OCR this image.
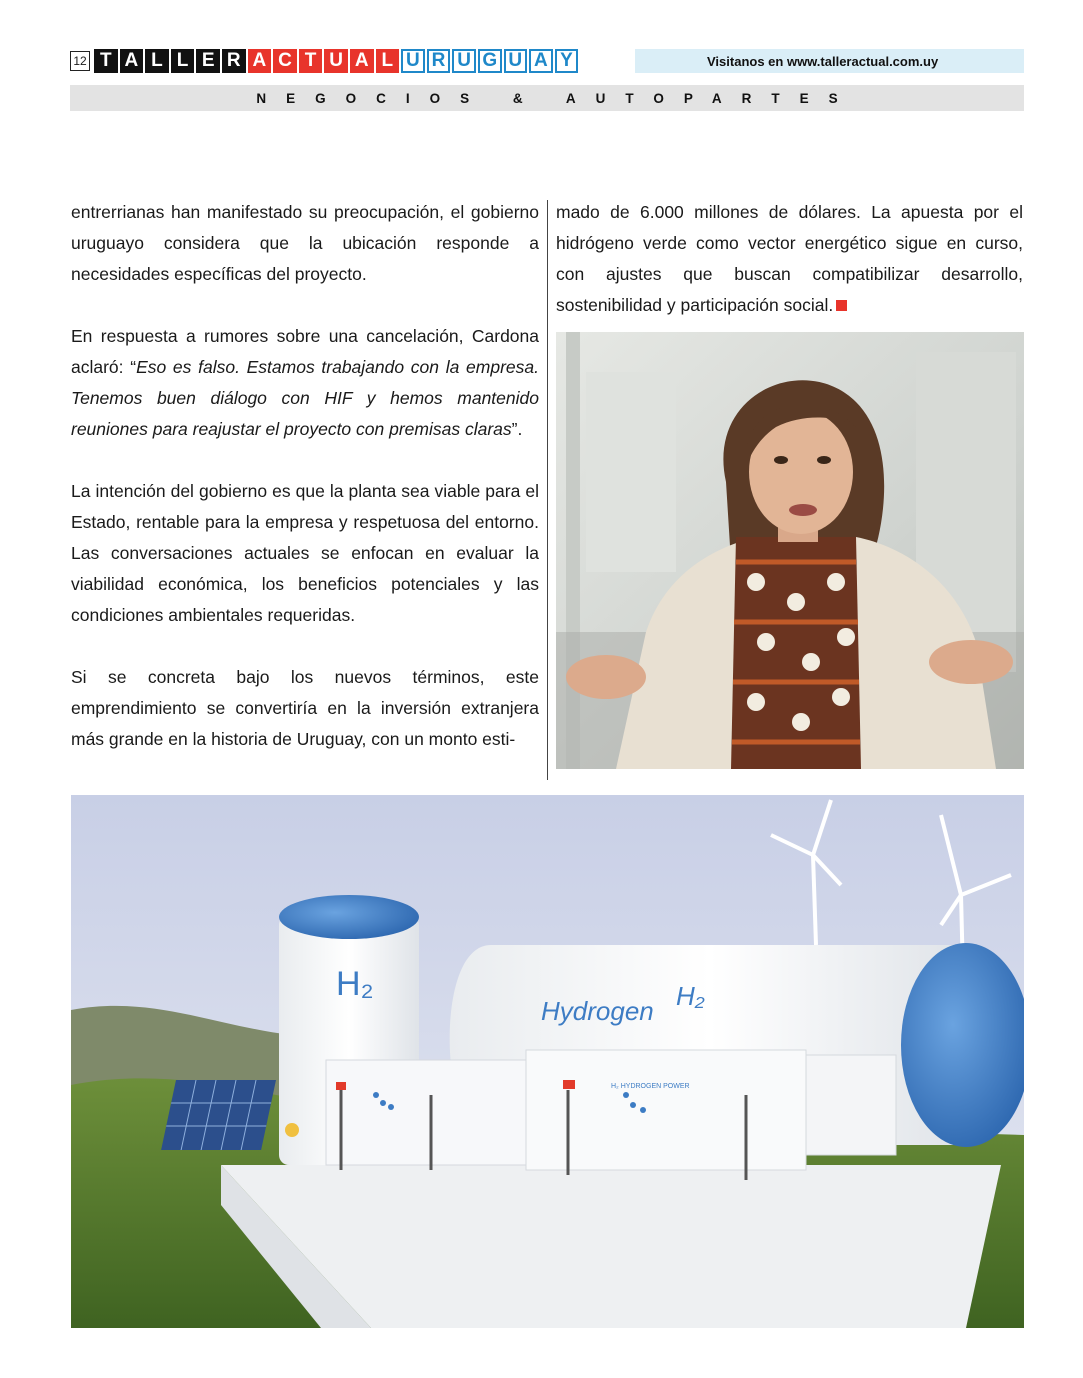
12 T A L L E R A C T U A L U R U G U A Y	Visitanos en www.talleractual.com.uy
NEGOCIOS & AUTOPARTES

entrerrianas han manifestado su preocupación, el gobierno uruguayo considera que la ubicación responde a necesidades específicas del proyecto.

En respuesta a rumores sobre una cancelación, Cardona aclaró: “Eso es falso. Estamos trabajando con la empresa. Tenemos buen diálogo con HIF y hemos mantenido reuniones para reajustar el proyecto con premisas claras”.

La intención del gobierno es que la planta sea viable para el Estado, rentable para la empresa y respetuosa del entorno. Las conversaciones actuales se enfocan en evaluar la viabilidad económica, los beneficios potenciales y las condiciones ambientales requeridas.

Si se concreta bajo los nuevos términos, este emprendimiento se convertiría en la inversión extranjera más grande en la historia de Uruguay, con un monto esti-

mado de 6.000 millones de dólares. La apuesta por el hidrógeno verde como vector energético sigue en curso, con ajustes que buscan compatibilizar desarrollo, sostenibilidad y participación social.

H₂
Hydrogen H₂
H₂ HYDROGEN POWER
